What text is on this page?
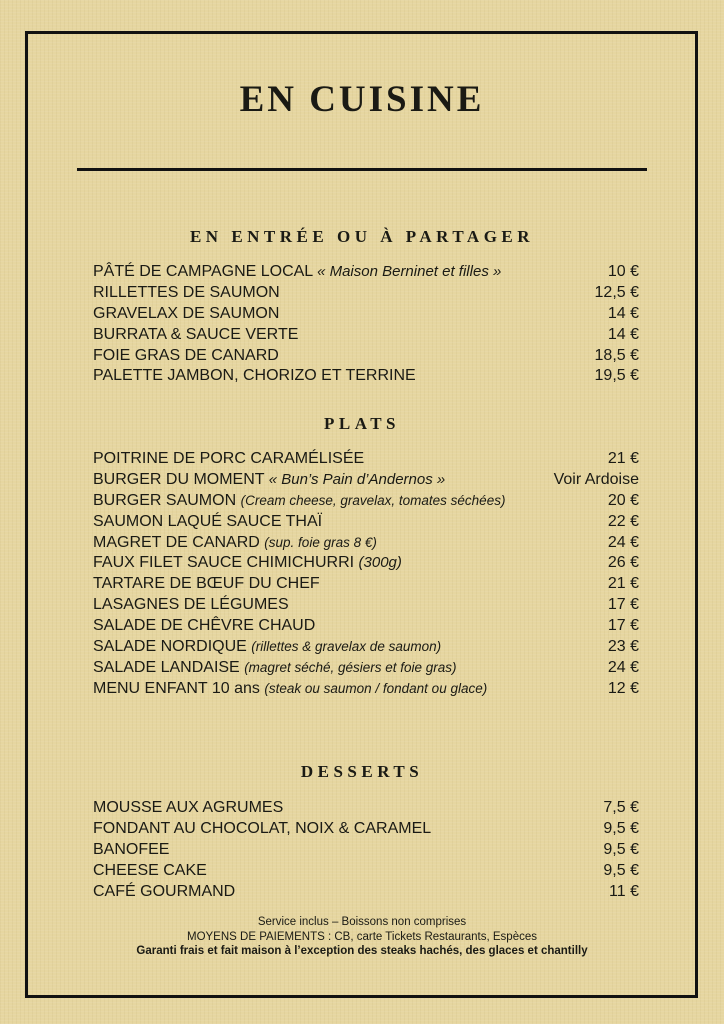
EN CUISINE
EN ENTRÉE OU À PARTAGER
PÂTÉ DE CAMPAGNE LOCAL « Maison Berninet et filles »	10 €
RILLETTES DE SAUMON	12,5 €
GRAVELAX DE SAUMON	14 €
BURRATA & SAUCE VERTE	14 €
FOIE GRAS DE CANARD	18,5 €
PALETTE JAMBON, CHORIZO ET TERRINE	19,5 €
PLATS
POITRINE DE PORC CARAMÉLISÉE	21 €
BURGER DU MOMENT « Bun’s Pain d’Andernos »	Voir Ardoise
BURGER SAUMON (Cream cheese, gravelax, tomates séchées)	20 €
SAUMON LAQUÉ SAUCE THAÏ	22 €
MAGRET DE CANARD (sup. foie gras 8 €)	24 €
FAUX FILET SAUCE CHIMICHURRI (300g)	26 €
TARTARE DE BŒUF DU CHEF	21 €
LASAGNES DE LÉGUMES	17 €
SALADE DE CHÊVRE CHAUD	17 €
SALADE NORDIQUE (rillettes & gravelax de saumon)	23 €
SALADE LANDAISE (magret séché, gésiers et foie gras)	24 €
MENU ENFANT 10 ans (steak ou saumon / fondant ou glace)	12 €
DESSERTS
MOUSSE AUX AGRUMES	7,5 €
FONDANT AU CHOCOLAT, NOIX & CARAMEL	9,5 €
BANOFEE	9,5 €
CHEESE CAKE	9,5 €
CAFÉ GOURMAND	11 €
Service inclus – Boissons non comprises
MOYENS DE PAIEMENTS : CB, carte Tickets Restaurants, Espèces
Garanti frais et fait maison à l’exception des steaks hachés, des glaces et chantilly
